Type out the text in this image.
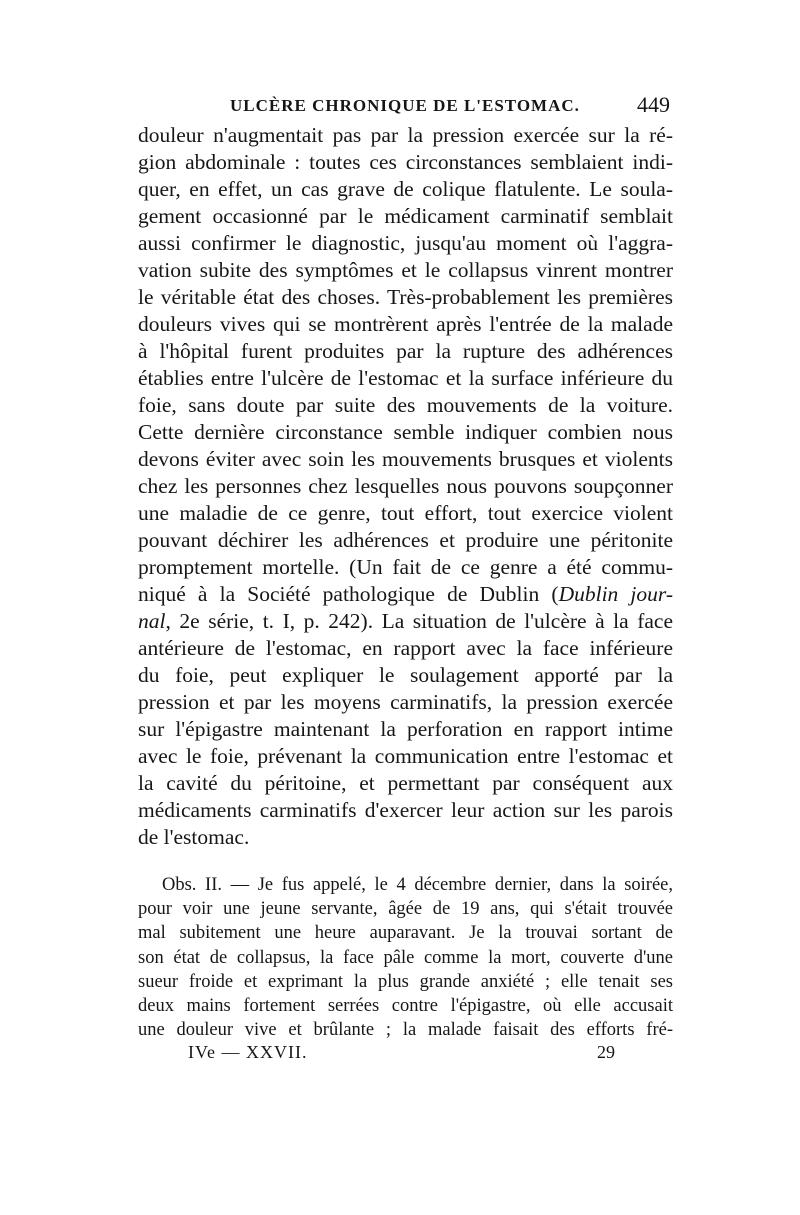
ULCÈRE CHRONIQUE DE L'ESTOMAC.	449
douleur n'augmentait pas par la pression exercée sur la ré-
gion abdominale : toutes ces circonstances semblaient indi-
quer, en effet, un cas grave de colique flatulente. Le soula-
gement occasionné par le médicament carminatif semblait
aussi confirmer le diagnostic, jusqu'au moment où l'aggra-
vation subite des symptômes et le collapsus vinrent montrer
le véritable état des choses. Très-probablement les premières
douleurs vives qui se montrèrent après l'entrée de la malade
à l'hôpital furent produites par la rupture des adhérences
établies entre l'ulcère de l'estomac et la surface inférieure du
foie, sans doute par suite des mouvements de la voiture.
Cette dernière circonstance semble indiquer combien nous
devons éviter avec soin les mouvements brusques et violents
chez les personnes chez lesquelles nous pouvons soupçonner
une maladie de ce genre, tout effort, tout exercice violent
pouvant déchirer les adhérences et produire une péritonite
promptement mortelle. (Un fait de ce genre a été commu-
niqué à la Société pathologique de Dublin (Dublin jour-
nal, 2e série, t. I, p. 242). La situation de l'ulcère à la face
antérieure de l'estomac, en rapport avec la face inférieure
du foie, peut expliquer le soulagement apporté par la
pression et par les moyens carminatifs, la pression exercée
sur l'épigastre maintenant la perforation en rapport intime
avec le foie, prévenant la communication entre l'estomac et
la cavité du péritoine, et permettant par conséquent aux
médicaments carminatifs d'exercer leur action sur les parois
de l'estomac.
Obs. II. — Je fus appelé, le 4 décembre dernier, dans la soirée,
pour voir une jeune servante, âgée de 19 ans, qui s'était trouvée
mal subitement une heure auparavant. Je la trouvai sortant de
son état de collapsus, la face pâle comme la mort, couverte d'une
sueur froide et exprimant la plus grande anxiété ; elle tenait ses
deux mains fortement serrées contre l'épigastre, où elle accusait
une douleur vive et brûlante ; la malade faisait des efforts fré-
IVe — XXVII.	29
